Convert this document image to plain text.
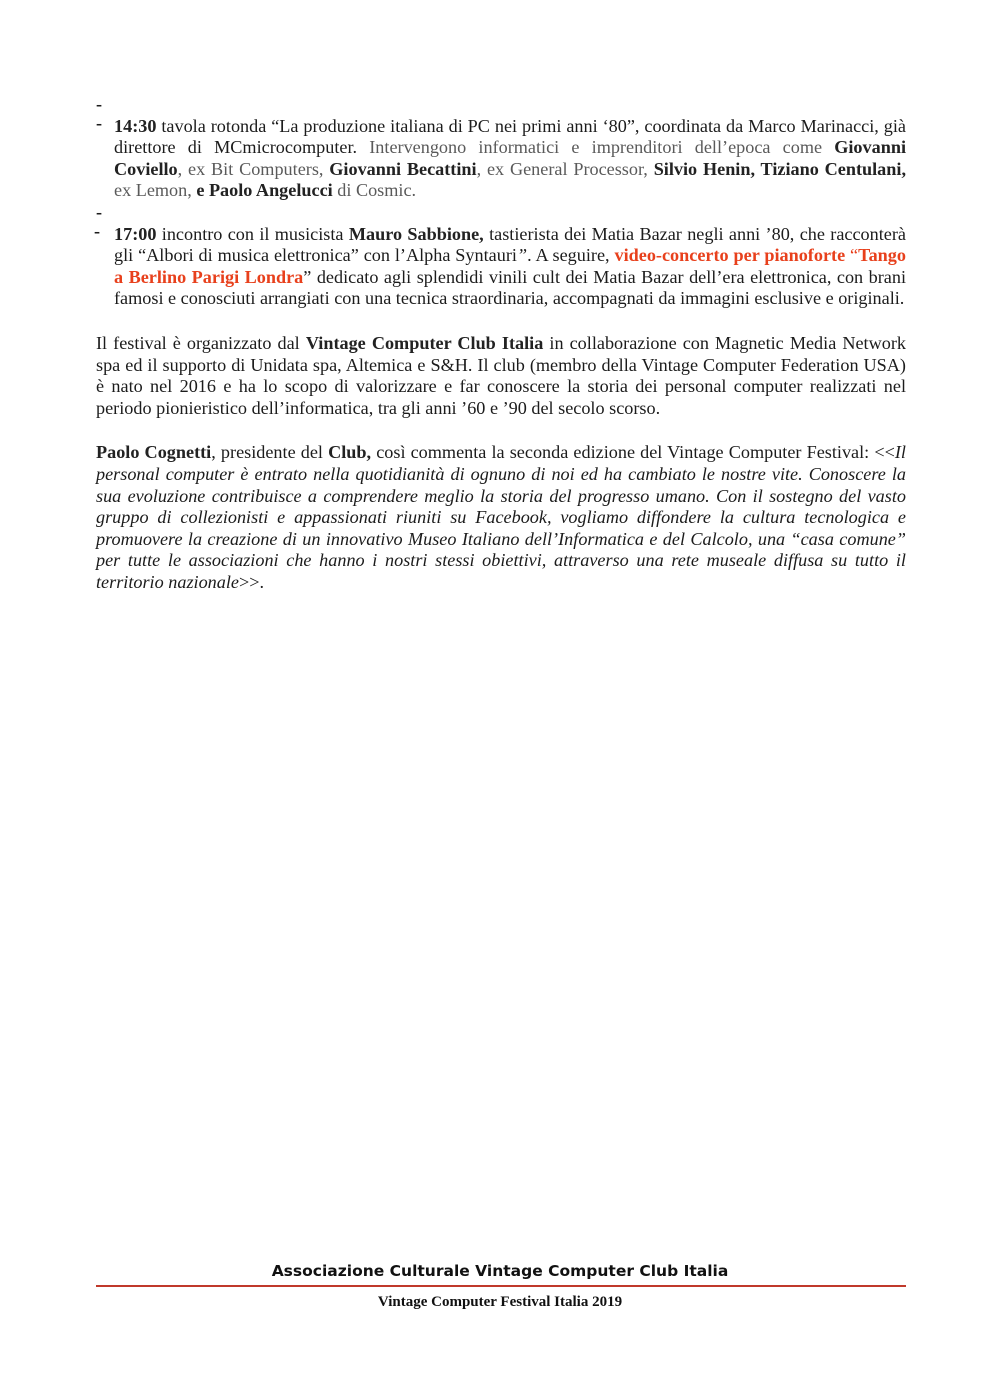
-
- 14:30 tavola rotonda “La produzione italiana di PC nei primi anni ‘80”, coordinata da Marco Marinacci, già direttore di MCmicrocomputer. Intervengono informatici e imprenditori dell’epoca come Giovanni Coviello, ex Bit Computers, Giovanni Becattini, ex General Processor, Silvio Henin, Tiziano Centulani, ex Lemon, e Paolo Angelucci di Cosmic.
-
- 17:00 incontro con il musicista Mauro Sabbione, tastierista dei Matia Bazar negli anni ’80, che racconterà gli “Albori di musica elettronica” con l’Alpha Syntauri”. A seguire, video-concerto per pianoforte “Tango a Berlino Parigi Londra” dedicato agli splendidi vinili cult dei Matia Bazar dell’era elettronica, con brani famosi e conosciuti arrangiati con una tecnica straordinaria, accompagnati da immagini esclusive e originali.
Il festival è organizzato dal Vintage Computer Club Italia in collaborazione con Magnetic Media Network spa ed il supporto di Unidata spa, Altemica e S&H. Il club (membro della Vintage Computer Federation USA) è nato nel 2016 e ha lo scopo di valorizzare e far conoscere la storia dei personal computer realizzati nel periodo pionieristico dell’informatica, tra gli anni ’60 e ’90 del secolo scorso.
Paolo Cognetti, presidente del Club, così commenta la seconda edizione del Vintage Computer Festival: <<Il personal computer è entrato nella quotidianità di ognuno di noi ed ha cambiato le nostre vite. Conoscere la sua evoluzione contribuisce a comprendere meglio la storia del progresso umano. Con il sostegno del vasto gruppo di collezionisti e appassionati riuniti su Facebook, vogliamo diffondere la cultura tecnologica e promuovere la creazione di un innovativo Museo Italiano dell’Informatica e del Calcolo, una “casa comune” per tutte le associazioni che hanno i nostri stessi obiettivi, attraverso una rete museale diffusa su tutto il territorio nazionale>>.
Associazione Culturale Vintage Computer Club Italia
Vintage Computer Festival Italia 2019
